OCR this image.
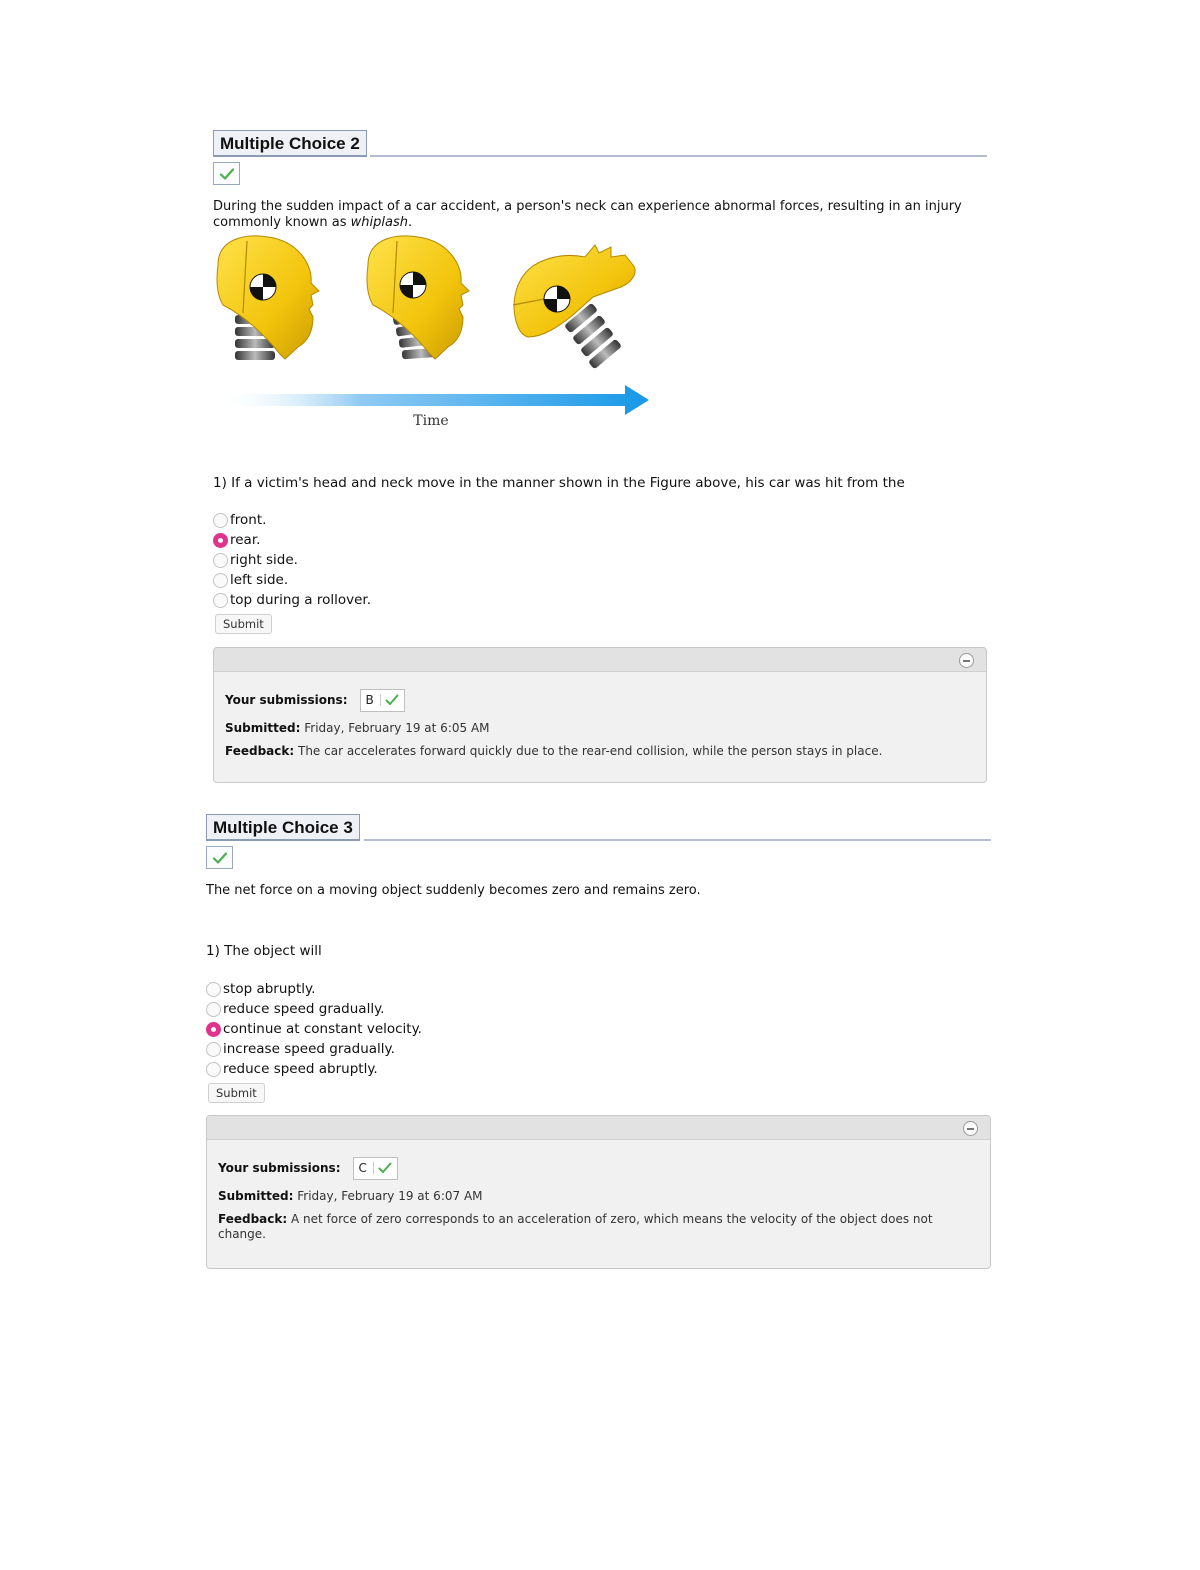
Multiple Choice 2
During the sudden impact of a car accident, a person's neck can experience abnormal forces, resulting in an injury commonly known as whiplash.
Time
1) If a victim's head and neck move in the manner shown in the Figure above, his car was hit from the
front.
rear.
right side.
left side.
top during a rollover.
Submit
Your submissions: B
Submitted: Friday, February 19 at 6:05 AM
Feedback: The car accelerates forward quickly due to the rear-end collision, while the person stays in place.
Multiple Choice 3
The net force on a moving object suddenly becomes zero and remains zero.
1) The object will
stop abruptly.
reduce speed gradually.
continue at constant velocity.
increase speed gradually.
reduce speed abruptly.
Submit
Your submissions: C
Submitted: Friday, February 19 at 6:07 AM
Feedback: A net force of zero corresponds to an acceleration of zero, which means the velocity of the object does not change.
